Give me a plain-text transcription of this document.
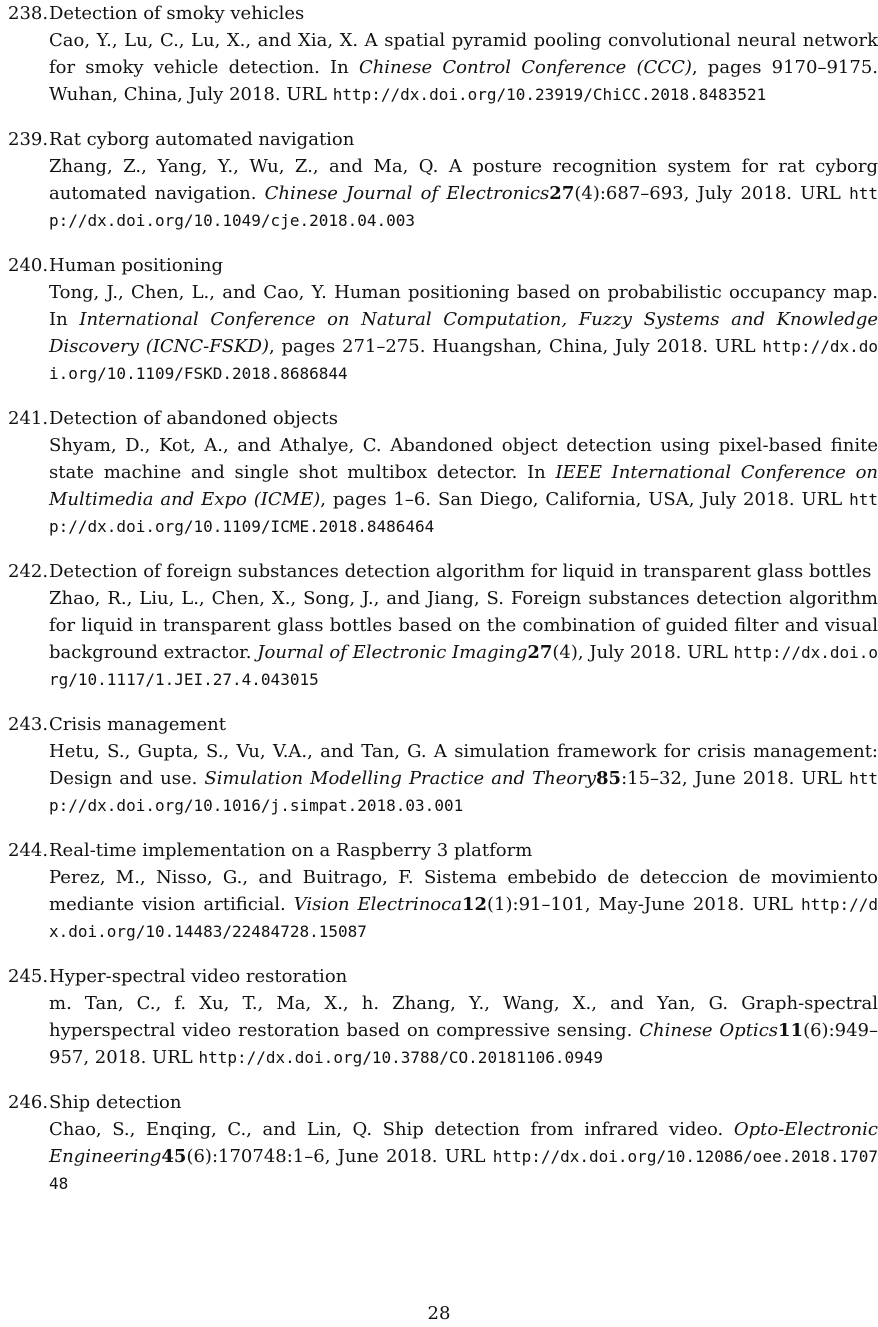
238. Detection of smoky vehicles
Cao, Y., Lu, C., Lu, X., and Xia, X. A spatial pyramid pooling convolutional neural network for smoky vehicle detection. In Chinese Control Conference (CCC), pages 9170–9175. Wuhan, China, July 2018. URL http://dx.doi.org/10.23919/ChiCC.2018.8483521
239. Rat cyborg automated navigation
Zhang, Z., Yang, Y., Wu, Z., and Ma, Q. A posture recognition system for rat cyborg automated navigation. Chinese Journal of Electronics27(4):687–693, July 2018. URL http://dx.doi.org/10.1049/cje.2018.04.003
240. Human positioning
Tong, J., Chen, L., and Cao, Y. Human positioning based on probabilistic occupancy map. In International Conference on Natural Computation, Fuzzy Systems and Knowledge Discovery (ICNC-FSKD), pages 271–275. Huangshan, China, July 2018. URL http://dx.doi.org/10.1109/FSKD.2018.8686844
241. Detection of abandoned objects
Shyam, D., Kot, A., and Athalye, C. Abandoned object detection using pixel-based finite state machine and single shot multibox detector. In IEEE International Conference on Multimedia and Expo (ICME), pages 1–6. San Diego, California, USA, July 2018. URL http://dx.doi.org/10.1109/ICME.2018.8486464
242. Detection of foreign substances detection algorithm for liquid in transparent glass bottles
Zhao, R., Liu, L., Chen, X., Song, J., and Jiang, S. Foreign substances detection algorithm for liquid in transparent glass bottles based on the combination of guided filter and visual background extractor. Journal of Electronic Imaging27(4), July 2018. URL http://dx.doi.org/10.1117/1.JEI.27.4.043015
243. Crisis management
Hetu, S., Gupta, S., Vu, V.A., and Tan, G. A simulation framework for crisis management: Design and use. Simulation Modelling Practice and Theory85:15–32, June 2018. URL http://dx.doi.org/10.1016/j.simpat.2018.03.001
244. Real-time implementation on a Raspberry 3 platform
Perez, M., Nisso, G., and Buitrago, F. Sistema embebido de deteccion de movimiento mediante vision artificial. Vision Electrinoca12(1):91–101, May-June 2018. URL http://dx.doi.org/10.14483/22484728.15087
245. Hyper-spectral video restoration
m. Tan, C., f. Xu, T., Ma, X., h. Zhang, Y., Wang, X., and Yan, G. Graph-spectral hyperspectral video restoration based on compressive sensing. Chinese Optics11(6):949–957, 2018. URL http://dx.doi.org/10.3788/CO.20181106.0949
246. Ship detection
Chao, S., Enqing, C., and Lin, Q. Ship detection from infrared video. Opto-Electronic Engineering45(6):170748:1–6, June 2018. URL http://dx.doi.org/10.12086/oee.2018.170748
28
